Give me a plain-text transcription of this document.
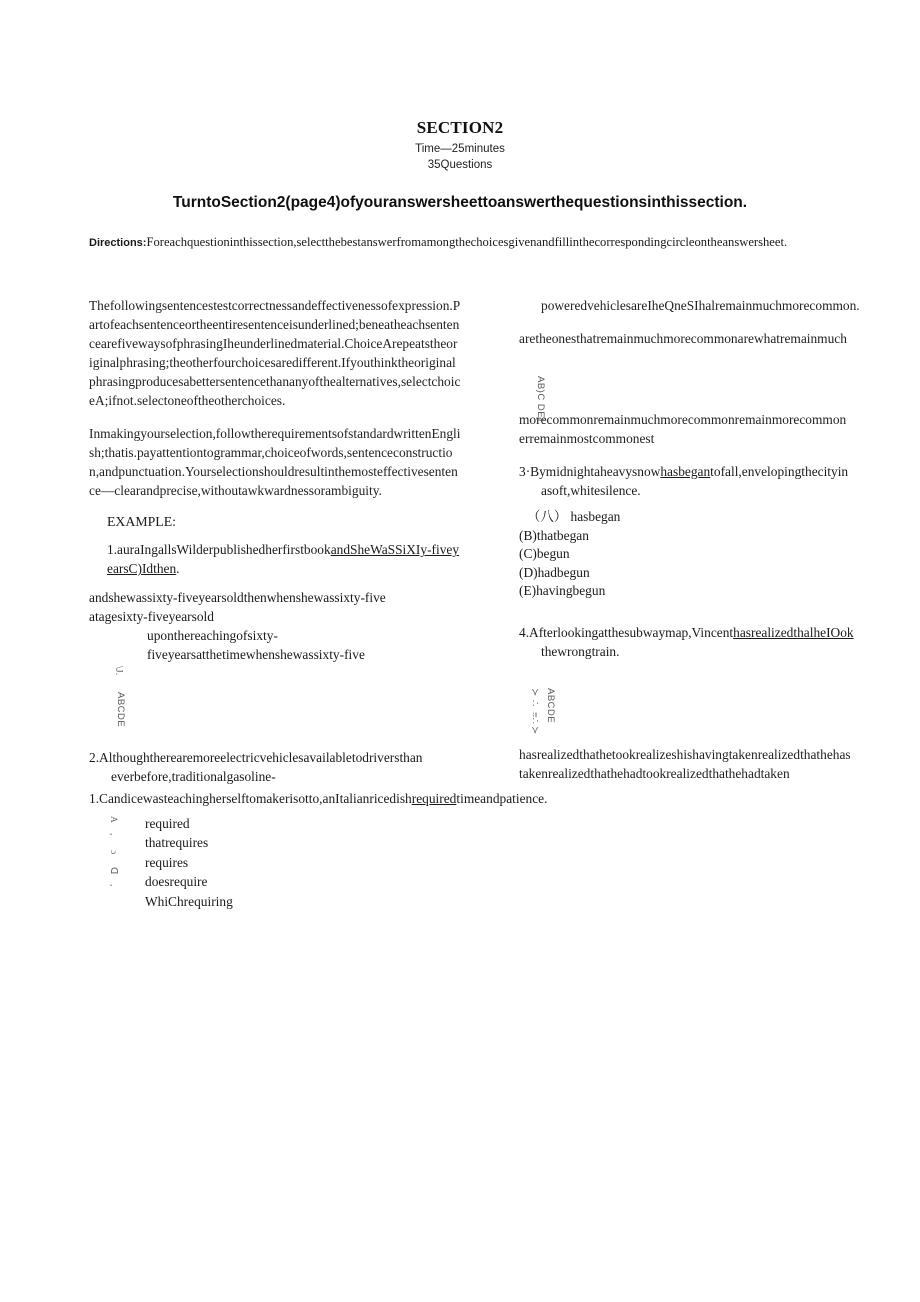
SECTION2
Time—25minutes
35Questions
TurntoSection2(page4)ofyouranswersheettoanswerthequestionsinthissection.
Directions:Foreachquestioninthissection,selectthebestanswerfromamongthechoicesgivenandfillinthecorrespondingcircleontheanswersheet.

Thefollowingsentencestestcorrectnessandeffectivenessofexpression.Partofeachsentenceortheentiresentenceisunderlined;beneatheachsentencearefivewaysofphrasingIheunderlinedmaterial.ChoiceArepeatstheoriginalphrasing;theotherfourchoicesaredifferent.Ifyouthinktheoriginalphrasingproducesabettersentencethananyofthealternatives,selectchoiceA;ifnot.selectoneoftheotherchoices.

Inmakingyourselection,followtherequirementsofstandardwrittenEnglish;thatis.payattentiontogrammar,choiceofwords,sentenceconstruction,andpunctuation.Yourselectionshouldresultinthemosteffectivesentence—clearandprecise,withoutawkwardnessorambiguity.

EXAMPLE:
1.auraIngallsWilderpublishedherfirstbookandSheWaSSiXIy-fiveyearsC)Idthen.
andshewassixty-fiveyearsoldthenwhenshewassixty-five
atagesixty-fiveyearsold
uponthereachingofsixty-
fiveyearsatthetimewhenshewassixty-five
\J.
ABCDE

2.Althoughtherearemoreelectricvehiclesavailabletodriversthan
everbefore,traditionalgasoline-

poweredvehiclesareIheQneSIhalremainmuchmorecommon.

aretheonesthatremainmuchmorecommonarewhatremainmuch

morecommonremainmuchmorecommonremainmorecommon

erremainmostcommonest

3·Bymidnightaheavysnowhasbegantofall,envelopingthecityin
asoft,whitesilence.

（八） hasbegan
(B)thatbegan
(C)begun
(D)hadbegun
(E)havingbegun

4.Afterlookingatthesubwaymap,VincenthasrealizedthalheIOok
thewrongtrain.

AB)C DE)
ABCDE
≻
∴
≡∴
≻

hasrealizedthathetookrealizeshishavingtakenrealizedthathehas

takenrealizedthathehadtookrealizedthathehadtaken

1.Candicewasteachingherselftomakerisotto,anItalianricedishrequiredtimeandpatience.

A
,
ɔ
ᗡ
,
required
thatrequires
requires
doesrequire
WhiChrequiring
